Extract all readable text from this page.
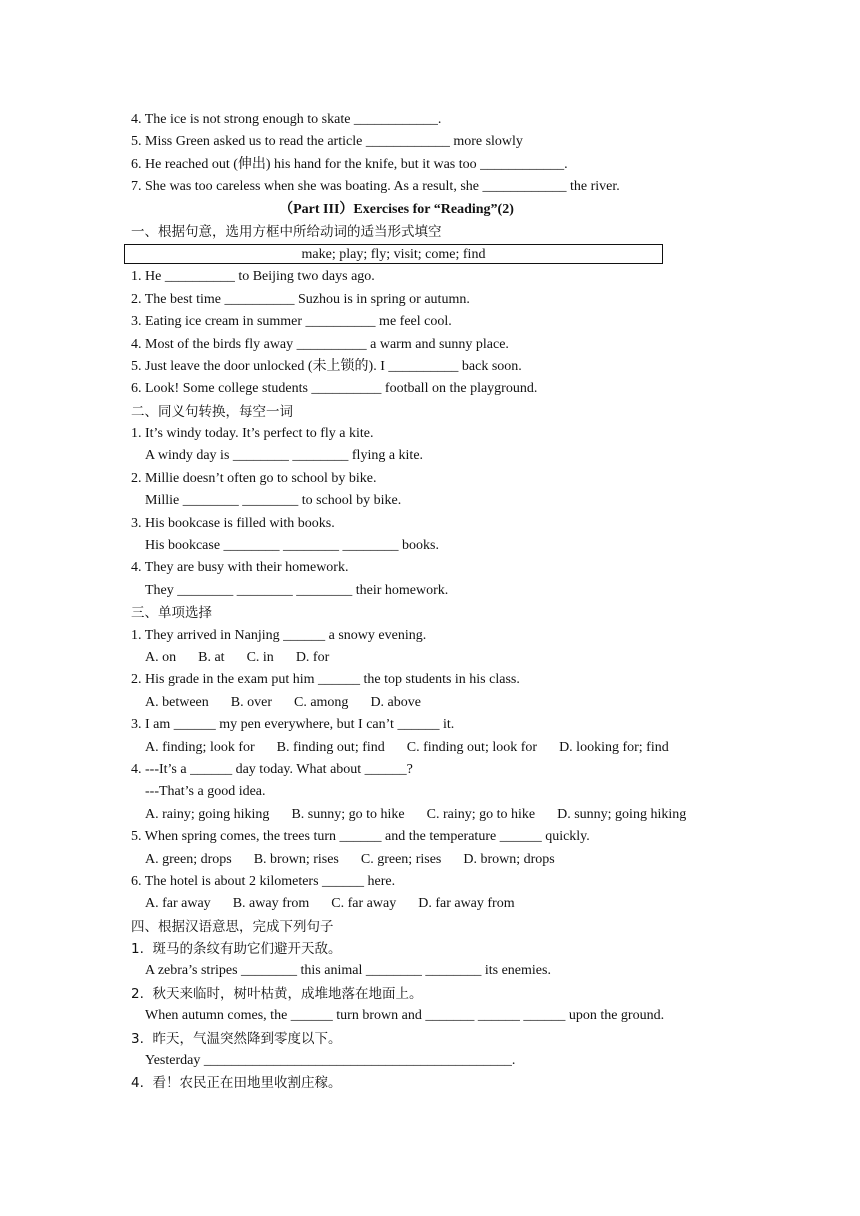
4. The ice is not strong enough to skate ____________.
5. Miss Green asked us to read the article ____________ more slowly
6. He reached out (伸出) his hand for the knife, but it was too ____________.
7. She was too careless when she was boating. As a result, she ____________ the river.
（Part III）Exercises for “Reading”(2)
一、根据句意，选用方框中所给动词的适当形式填空
make; play; fly; visit; come; find
1. He __________ to Beijing two days ago.
2. The best time __________ Suzhou is in spring or autumn.
3. Eating ice cream in summer __________ me feel cool.
4. Most of the birds fly away __________ a warm and sunny place.
5. Just leave the door unlocked (未上锁的). I __________ back soon.
6. Look! Some college students __________ football on the playground.
二、同义句转换，每空一词
1. It’s windy today. It’s perfect to fly a kite.
A windy day is ________ ________ flying a kite.
2. Millie doesn’t often go to school by bike.
Millie ________ ________ to school by bike.
3. His bookcase is filled with books.
His bookcase ________ ________ ________ books.
4. They are busy with their homework.
They ________ ________ ________ their homework.
三、单项选择
1. They arrived in Nanjing ______ a snowy evening.
A. on B. at C. in D. for
2. His grade in the exam put him ______ the top students in his class.
A. between B. over C. among D. above
3. I am ______ my pen everywhere, but I can’t ______ it.
A. finding; look for B. finding out; find C. finding out; look for D. looking for; find
4. ---It’s a ______ day today. What about ______?
---That’s a good idea.
A. rainy; going hiking B. sunny; go to hike C. rainy; go to hike D. sunny; going hiking
5. When spring comes, the trees turn ______ and the temperature ______ quickly.
A. green; drops B. brown; rises C. green; rises D. brown; drops
6. The hotel is about 2 kilometers ______ here.
A. far away B. away from C. far away D. far away from
四、根据汉语意思，完成下列句子
1.  斑马的条纹有助它们避开天敌。
A zebra’s stripes ________ this animal ________ ________ its enemies.
2.  秋天来临时，树叶枯黄，成堆地落在地面上。
When autumn comes, the ______ turn brown and _______ ______ ______ upon the ground.
3.  昨天，气温突然降到零度以下。
Yesterday ____________________________________________.
4.  看！农民正在田地里收割庄稼。
